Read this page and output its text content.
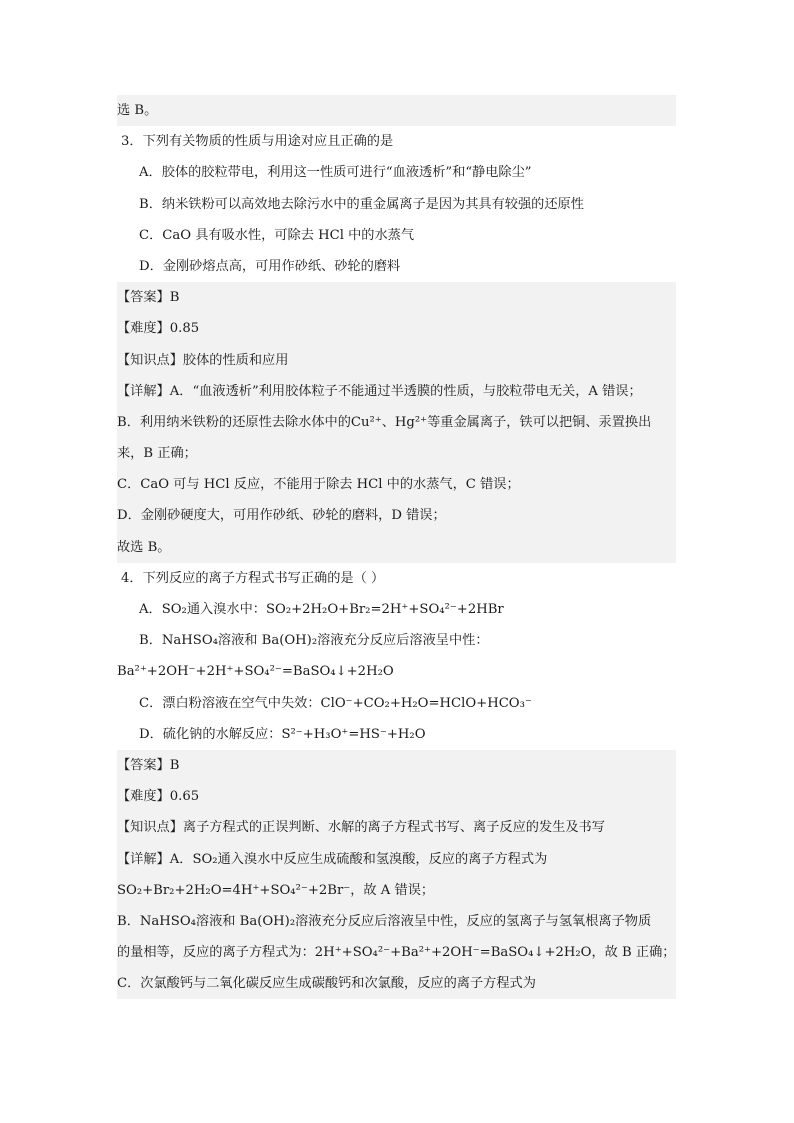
选 B。
3．下列有关物质的性质与用途对应且正确的是
A．胶体的胶粒带电，利用这一性质可进行“血液透析”和“静电除尘”
B．纳米铁粉可以高效地去除污水中的重金属离子是因为其具有较强的还原性
C．CaO 具有吸水性，可除去 HCl 中的水蒸气
D．金刚砂熔点高，可用作砂纸、砂轮的磨料
【答案】B
【难度】0.85
【知识点】胶体的性质和应用
【详解】A．“血液透析”利用胶体粒子不能通过半透膜的性质，与胶粒带电无关，A 错误；
B．利用纳米铁粉的还原性去除水体中的Cu²⁺、Hg²⁺等重金属离子，铁可以把铜、汞置换出
来，B 正确；
C．CaO 可与 HCl 反应，不能用于除去 HCl 中的水蒸气，C 错误；
D．金刚砂硬度大，可用作砂纸、砂轮的磨料，D 错误；
故选 B。
4．下列反应的离子方程式书写正确的是（ ）
A．SO₂通入溴水中：SO₂+2H₂O+Br₂=2H⁺+SO₄²⁻+2HBr
B．NaHSO₄溶液和 Ba(OH)₂溶液充分反应后溶液呈中性：
Ba²⁺+2OH⁻+2H⁺+SO₄²⁻=BaSO₄↓+2H₂O
C．漂白粉溶液在空气中失效：ClO⁻+CO₂+H₂O=HClO+HCO₃⁻
D．硫化钠的水解反应：S²⁻+H₃O⁺=HS⁻+H₂O
【答案】B
【难度】0.65
【知识点】离子方程式的正误判断、水解的离子方程式书写、离子反应的发生及书写
【详解】A．SO₂通入溴水中反应生成硫酸和氢溴酸，反应的离子方程式为
SO₂+Br₂+2H₂O=4H⁺+SO₄²⁻+2Br⁻，故 A 错误；
B．NaHSO₄溶液和 Ba(OH)₂溶液充分反应后溶液呈中性，反应的氢离子与氢氧根离子物质
的量相等，反应的离子方程式为：2H⁺+SO₄²⁻+Ba²⁺+2OH⁻=BaSO₄↓+2H₂O，故 B 正确；
C．次氯酸钙与二氧化碳反应生成碳酸钙和次氯酸，反应的离子方程式为
